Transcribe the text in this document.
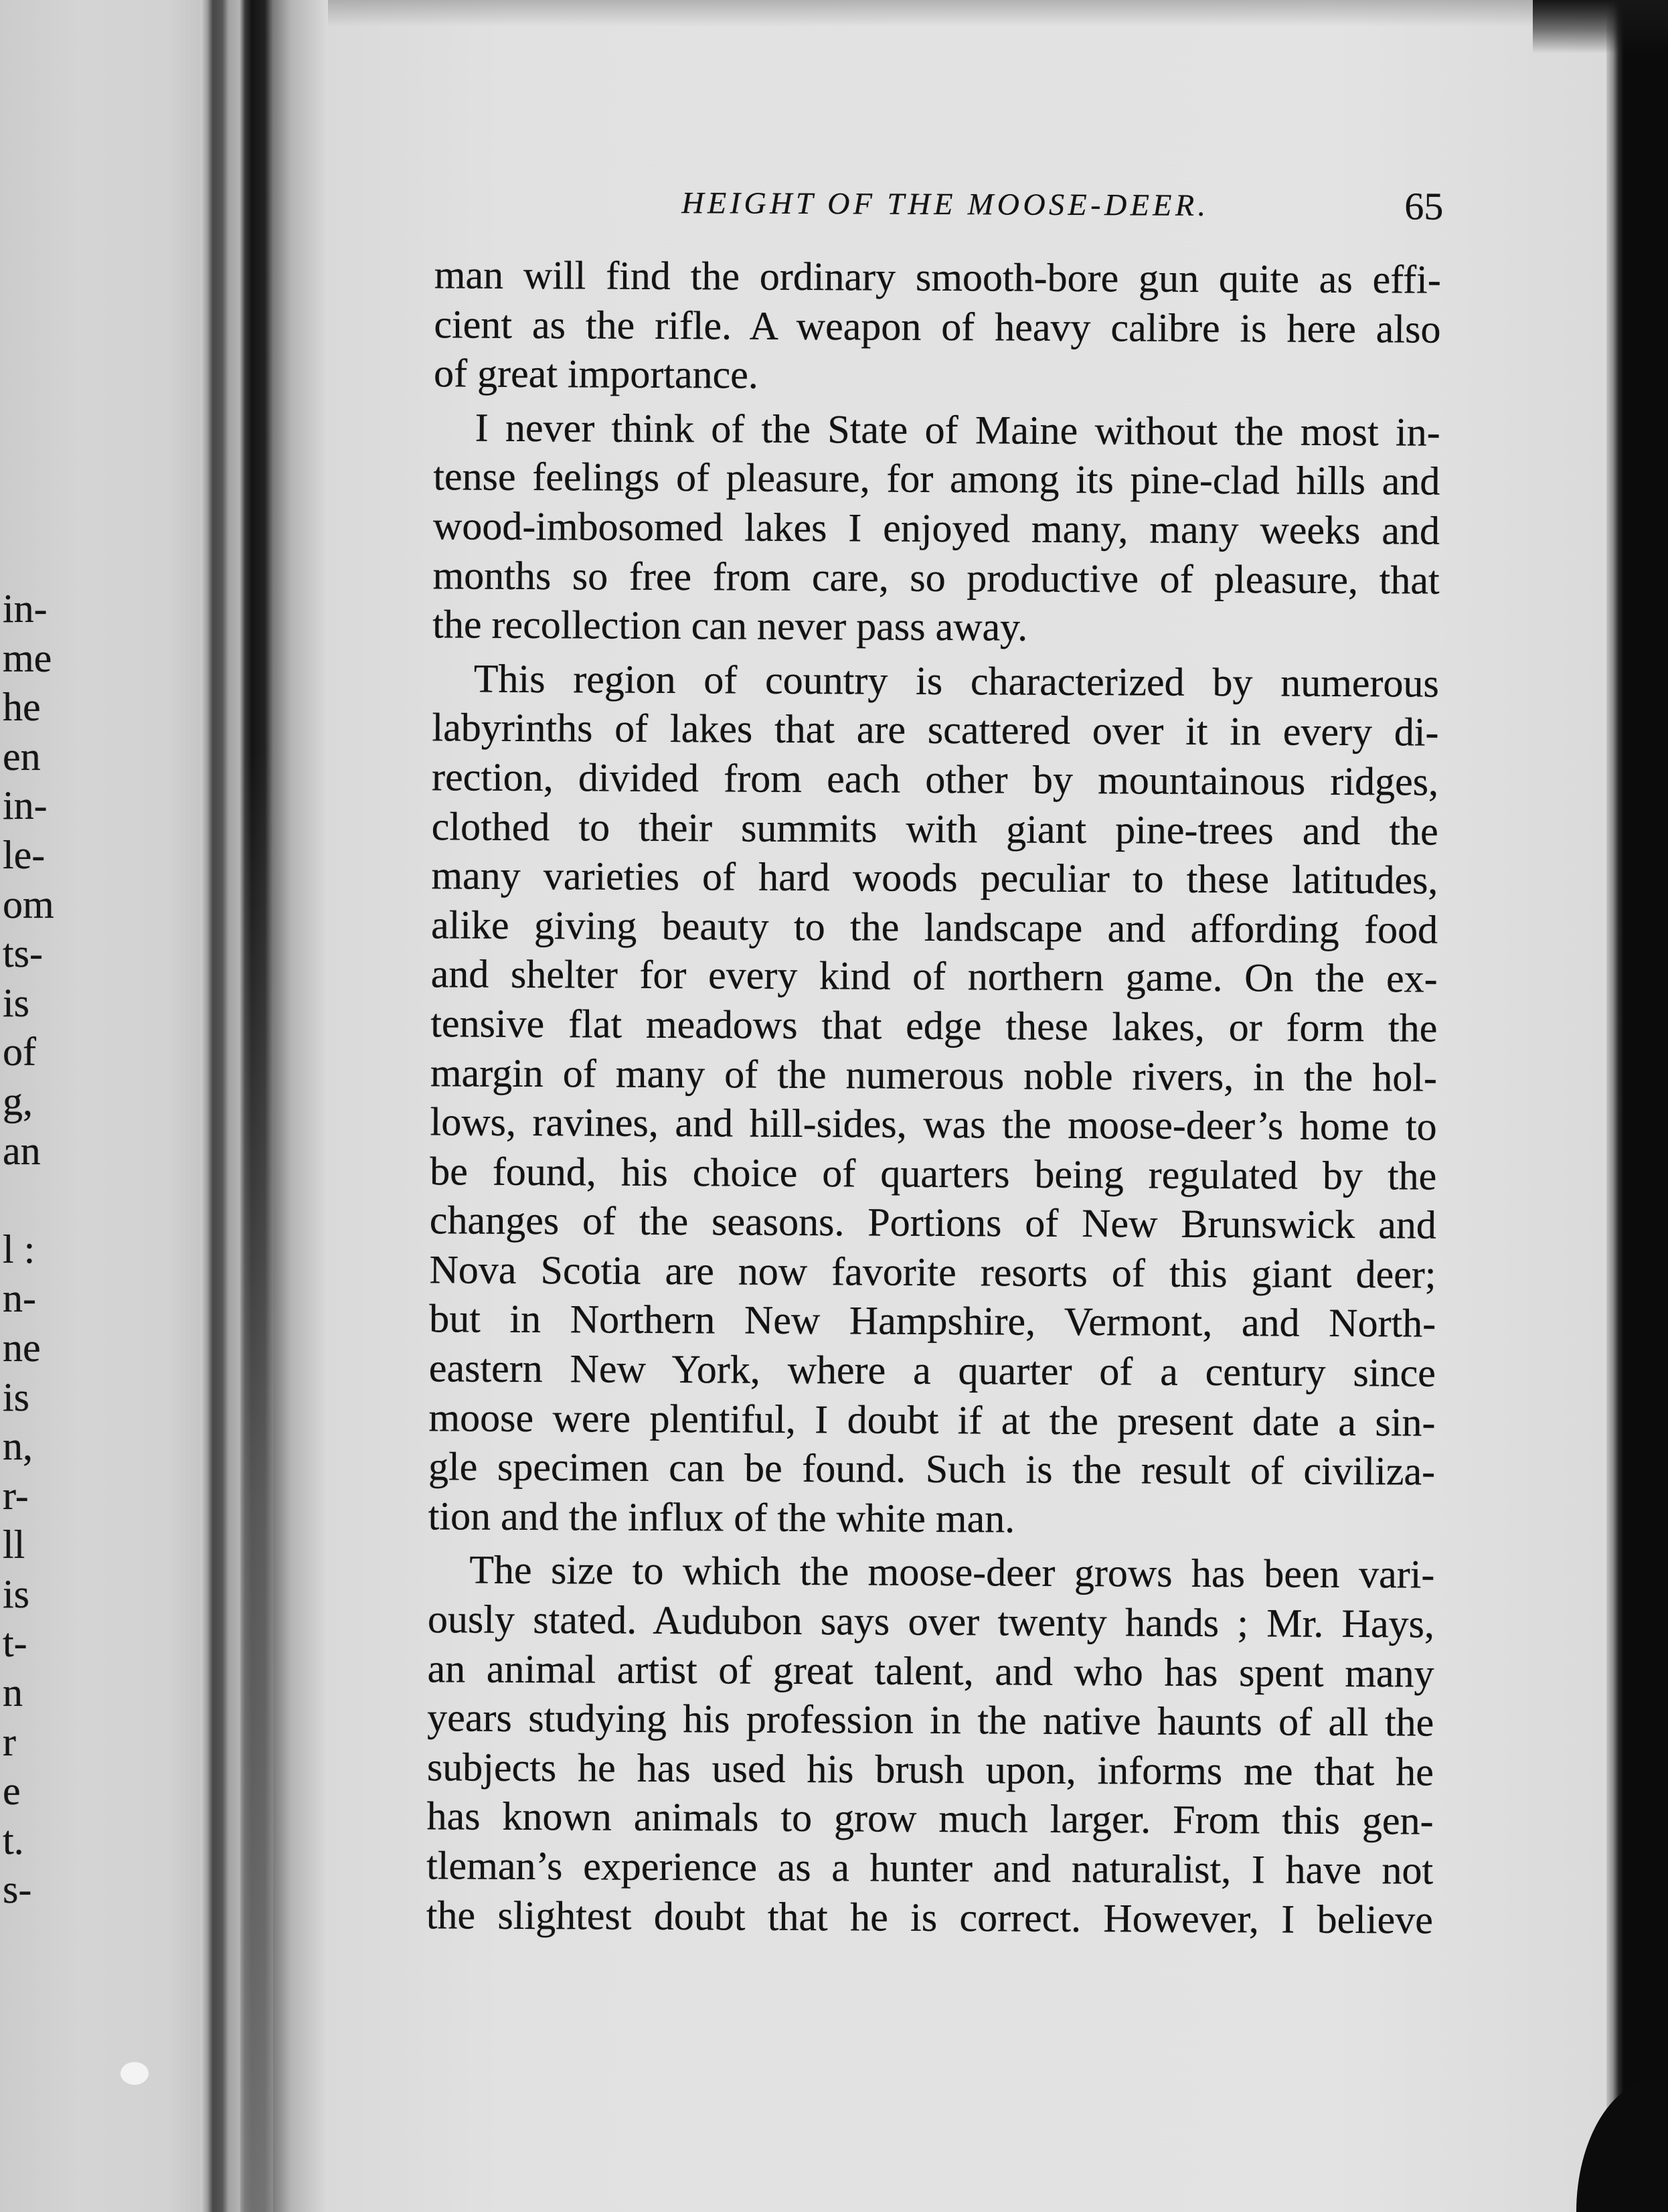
in-
me
he
en
in-
le-
om
ts-
is
of
g,
an
l :
n-
ne
is
n,
r-
ll
is
t-
n
r
e
t.
s-
HEIGHT OF THE MOOSE-DEER.	65
man will find the ordinary smooth-bore gun quite as effi-
cient as the rifle. A weapon of heavy calibre is here also
of great importance.
I never think of the State of Maine without the most in-
tense feelings of pleasure, for among its pine-clad hills and
wood-imbosomed lakes I enjoyed many, many weeks and
months so free from care, so productive of pleasure, that
the recollection can never pass away.
This region of country is characterized by numerous
labyrinths of lakes that are scattered over it in every di-
rection, divided from each other by mountainous ridges,
clothed to their summits with giant pine-trees and the
many varieties of hard woods peculiar to these latitudes,
alike giving beauty to the landscape and affording food
and shelter for every kind of northern game. On the ex-
tensive flat meadows that edge these lakes, or form the
margin of many of the numerous noble rivers, in the hol-
lows, ravines, and hill-sides, was the moose-deer’s home to
be found, his choice of quarters being regulated by the
changes of the seasons. Portions of New Brunswick and
Nova Scotia are now favorite resorts of this giant deer;
but in Northern New Hampshire, Vermont, and North-
eastern New York, where a quarter of a century since
moose were plentiful, I doubt if at the present date a sin-
gle specimen can be found. Such is the result of civiliza-
tion and the influx of the white man.
The size to which the moose-deer grows has been vari-
ously stated. Audubon says over twenty hands ; Mr. Hays,
an animal artist of great talent, and who has spent many
years studying his profession in the native haunts of all the
subjects he has used his brush upon, informs me that he
has known animals to grow much larger. From this gen-
tleman’s experience as a hunter and naturalist, I have not
the slightest doubt that he is correct. However, I believe
